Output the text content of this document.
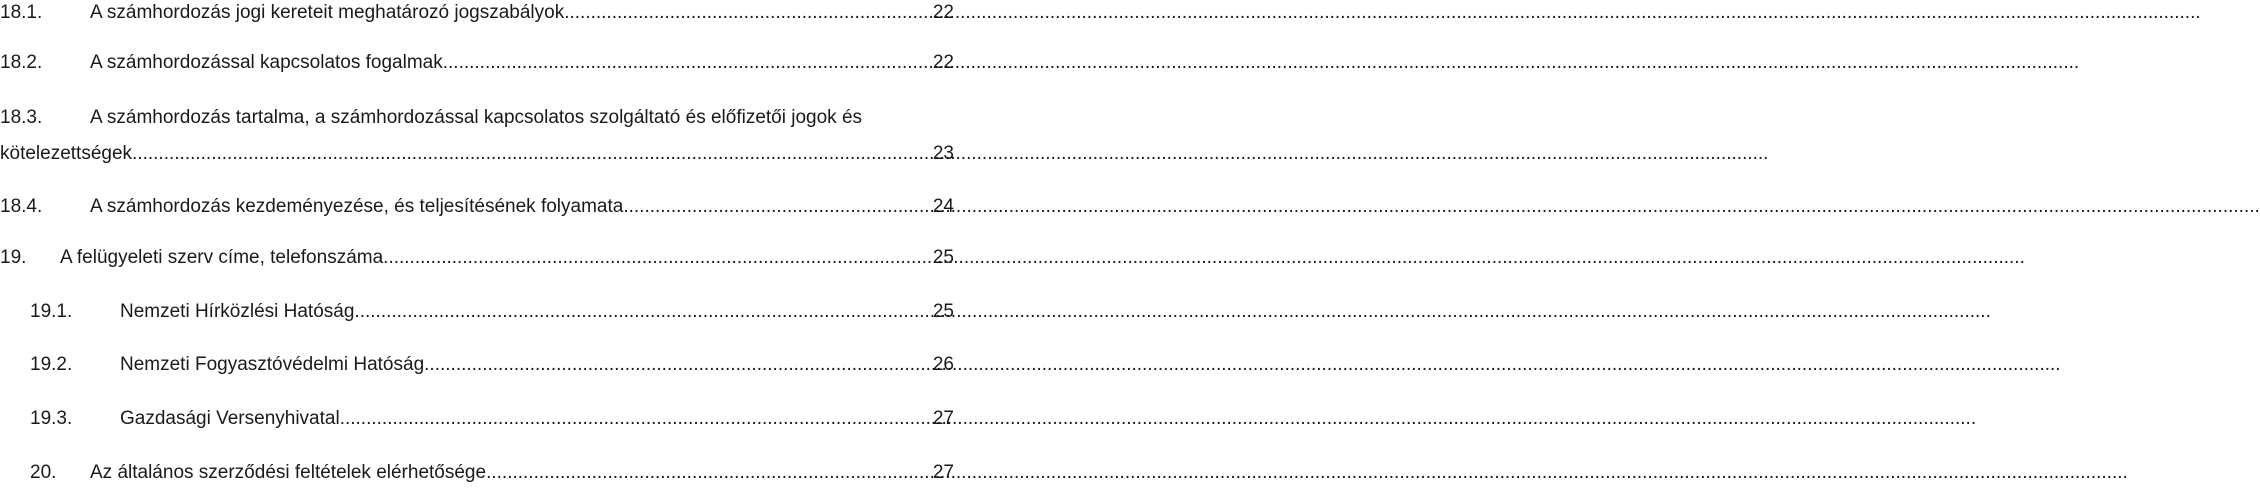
18.1.	A számhordozás jogi kereteit meghatározó jogszabályok .....	22
18.2.	A számhordozással kapcsolatos fogalmak .....	22
18.3.	A számhordozás tartalma, a számhordozással kapcsolatos szolgáltató és előfizetői jogok és
kötelezettségek .....	23
18.4.	A számhordozás kezdeményezése, és teljesítésének folyamata .....	24
19.	A felügyeleti szerv címe, telefonszáma. .....	25
19.1.	Nemzeti Hírközlési Hatóság .....	25
19.2.	Nemzeti Fogyasztóvédelmi Hatóság .....	26
19.3.	Gazdasági Versenyhivatal .....	27
20.	Az általános szerződési feltételek elérhetősége. .....	27
